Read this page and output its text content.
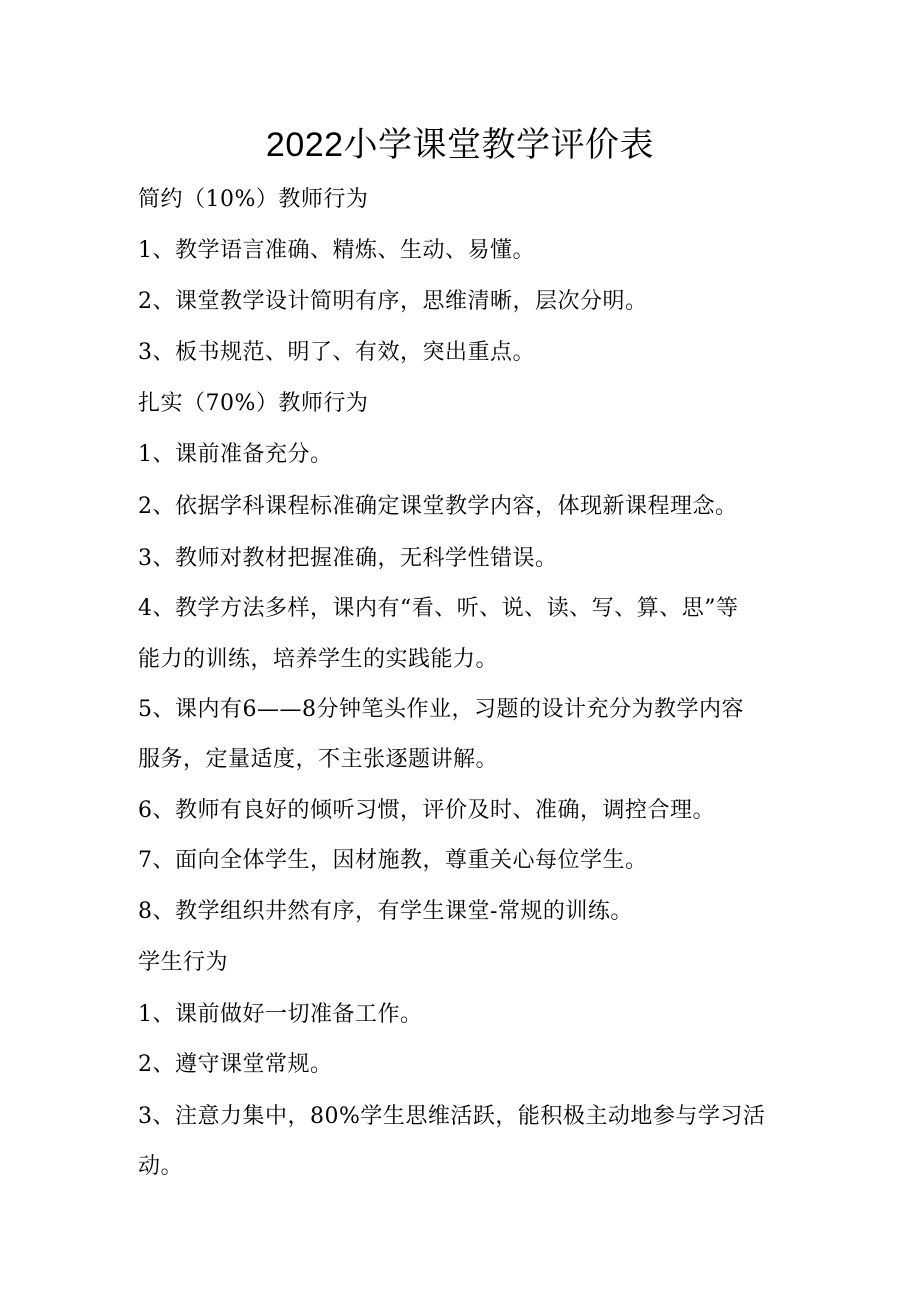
2022小学课堂教学评价表
简约（10%）教师行为
1、教学语言准确、精炼、生动、易懂。
2、课堂教学设计简明有序，思维清晰，层次分明。
3、板书规范、明了、有效，突出重点。
扎实（70%）教师行为
1、课前准备充分。
2、依据学科课程标准确定课堂教学内容，体现新课程理念。
3、教师对教材把握准确，无科学性错误。
4、教学方法多样，课内有“看、听、说、读、写、算、思”等
能力的训练，培养学生的实践能力。
5、课内有6——8分钟笔头作业，习题的设计充分为教学内容
服务，定量适度，不主张逐题讲解。
6、教师有良好的倾听习惯，评价及时、准确，调控合理。
7、面向全体学生，因材施教，尊重关心每位学生。
8、教学组织井然有序，有学生课堂-常规的训练。
学生行为
1、课前做好一切准备工作。
2、遵守课堂常规。
3、注意力集中，80%学生思维活跃，能积极主动地参与学习活
动。
